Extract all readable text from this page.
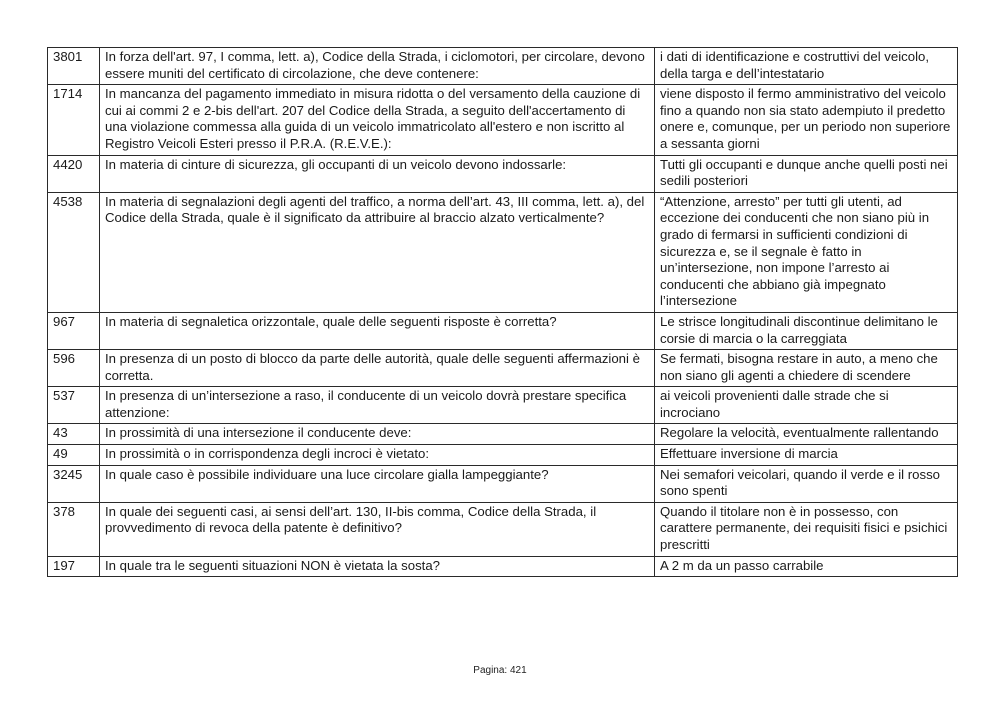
3801	In forza dell'art. 97, I comma, lett. a), Codice della Strada, i ciclomotori, per circolare, devono essere muniti del certificato di circolazione, che deve contenere:	i dati di identificazione e costruttivi del veicolo, della targa e dell’intestatario
1714	In mancanza del pagamento immediato in misura ridotta o del versamento della cauzione di cui ai commi 2 e 2-bis dell'art. 207 del Codice della Strada, a seguito dell'accertamento di una violazione commessa alla guida di un veicolo immatricolato all'estero e non iscritto al Registro Veicoli Esteri presso il P.R.A. (R.E.V.E.):	viene disposto il fermo amministrativo del veicolo fino a quando non sia stato adempiuto il predetto onere e, comunque, per un periodo non superiore a sessanta giorni
4420	In materia di cinture di sicurezza, gli occupanti di un veicolo devono indossarle:	Tutti gli occupanti e dunque anche quelli posti nei sedili posteriori
4538	In materia di segnalazioni degli agenti del traffico, a norma dell’art. 43, III comma, lett. a), del Codice della Strada, quale è il significato da attribuire al braccio alzato verticalmente?	“Attenzione, arresto” per tutti gli utenti, ad eccezione dei conducenti che non siano più in grado di fermarsi in sufficienti condizioni di sicurezza e, se il segnale è fatto in un’intersezione, non impone l’arresto ai conducenti che abbiano già impegnato l’intersezione
967	In materia di segnaletica orizzontale, quale delle seguenti risposte è corretta?	Le strisce longitudinali discontinue delimitano le corsie di marcia o la carreggiata
596	In presenza di un posto di blocco da parte delle autorità, quale delle seguenti affermazioni è corretta.	Se fermati, bisogna restare in auto, a meno che non siano gli agenti a chiedere di scendere
537	In presenza di un’intersezione a raso, il conducente di un veicolo dovrà prestare specifica attenzione:	ai veicoli provenienti dalle strade che si incrociano
43	In prossimità di una intersezione il conducente deve:	Regolare la velocità, eventualmente rallentando
49	In prossimità o in corrispondenza degli incroci è vietato:	Effettuare inversione di marcia
3245	In quale caso è possibile individuare una luce circolare gialla lampeggiante?	Nei semafori veicolari, quando il verde e il rosso sono spenti
378	In quale dei seguenti casi, ai sensi dell’art. 130, II-bis comma, Codice della Strada, il provvedimento di revoca della patente è definitivo?	Quando il titolare non è in possesso, con carattere permanente, dei requisiti fisici e psichici prescritti
197	In quale tra le seguenti situazioni NON è vietata la sosta?	A 2 m da un passo carrabile
Pagina: 421
